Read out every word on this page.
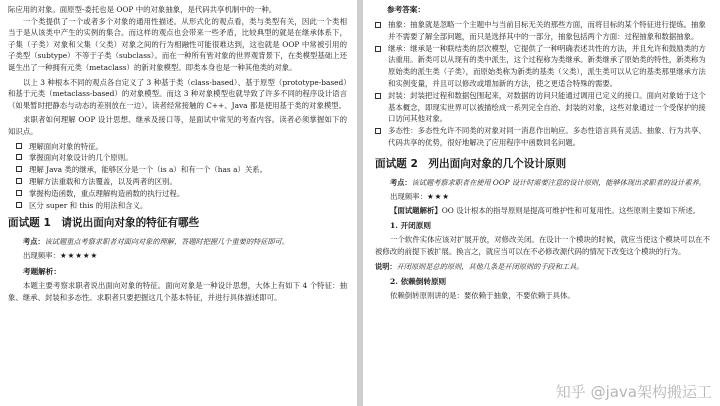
际应用的对象。面原型-委托也是 OOP 中的对象抽象，是代码共享机制中的一种。

一个类提供了一个或者多个对象的通用性描述。从形式化的观点看，类与类型有关，因此一个类相当于是从该类中产生的实例的集合。而这样的观点也会带来一些矛盾，比较典型的就是在继承体系下，子集（子类）对象和父集（父类）对象之间的行为相融性可能很难达到，这也就是 OOP 中常被引用的子类型（subtype）不等于子类（subclass）。而在一种所有皆对象的世界观背景下，在类模型基础上还诞生出了一种拥有元类（metaclass）的新对象模型。即类本身也是一种其他类的对象。

以上 3 种根本不同的观点各自定义了 3 种基于类（class-based）、基于原型（prototype-based）和基于元类（metaclass-based）的对象模型。而这 3 种对象模型也就导致了许多不同的程序设计语言（如果暂时把静态与动态的差别放在一边）。读者经常接触的 C++、Java 都是使用基于类的对象模型。

求职者如何理解 OOP 设计思想、继承及接口等，是面试中常见的考查内容。读者必须掌握如下的知识点。

理解面向对象的特征。
掌握面向对象设计的几个原则。
理解 Java 类的继承，能够区分是一个（is a）和有一个（has a）关系。
理解方法重载和方法覆盖，以及两者的区别。
掌握构造函数，重点理解构造函数的执行过程。
区分 super 和 this 的用法和含义。
面试题 1　请说出面向对象的特征有哪些

考点：该试题重点考察求职者对面向对象的理解，答题时把握几个重要的特征即可。

出现频率：★★★★★

考题解析：

本题主要考察求职者说出面向对象的特征。面向对象是一种设计思想，大体上有如下 4 个特征：抽象、继承、封装和多态性。求职者只要把握这几个基本特征，并进行具体描述即可。

参考答案：

抽象：抽象就是忽略一个主题中与当前目标无关的那些方面，而将目标的某个特征进行提炼。抽象并不需要了解全部问题，而只是选择其中的一部分，抽象包括两个方面：过程抽象和数据抽象。
继承：继承是一种联结类的层次模型，它提供了一种明确表述共性的方法，并且允许和鼓励类的方法重用。新类可以从现有的类中派生，这个过程称为类继承。新类继承了原始类的特性，新类称为原始类的派生类（子类），而原始类称为新类的基类（父类），派生类可以从它的基类那里继承方法和实例变量，并且可以修改或增加新的方法，使之更适合特殊的需要。
封装：封装把过程和数据包围起来，对数据的访问只能通过调用已定义的接口。面向对象始于这个基本概念，即现实世界可以被描绘成一系列完全自治、封装的对象，这些对象通过一个受保护的接口访问其他对象。
多态性：多态性允许不同类的对象对同一消息作出响应。多态性语言具有灵活、抽象、行为共享、代码共享的优势，很好地解决了应用程序中函数同名问题。
面试题 2　列出面向对象的几个设计原则

考点：该试题考察求职者在使用 OOP 设计时需要注意的设计原则，能够体现出求职者的设计素养。

出现频率：★★★

【面试题解析】OO 设计根本的指导原则是提高可维护性和可复用性。这些原则主要如下所述。

1. 开闭原则

一个软件实体应该对扩展开放，对修改关闭。在设计一个模块的时候，就应当使这个模块可以在不被修改的前提下被扩展。换言之，就应当可以在不必修改源代码的情况下改变这个模块的行为。

说明：开闭原则是总的原则，其他几条是开闭原则的手段和工具。

2. 依赖倒转原则

依赖倒转原则讲的是：要依赖于抽象，不要依赖于具体。

知乎 @java架构搬运工
